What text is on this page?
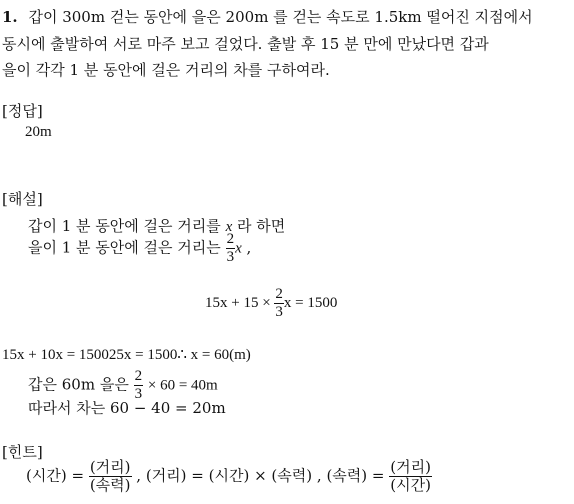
1. 갑이 300m 걷는 동안에 을은 200m 를 걷는 속도로 1.5km 떨어진 지점에서
동시에 출발하여 서로 마주 보고 걸었다. 출발 후 15 분 만에 만났다면 갑과
을이 각각 1 분 동안에 걸은 거리의 차를 구하여라.
[정답]
20m
[해설]
갑이 1 분 동안에 걸은 거리를 x 라 하면
을이 1 분 동안에 걸은 거리는 $\frac{2}{3}$ x ,
$15x + 15 \times \frac{2}{3}$ x = 1500
15x + 10x = 150025x = 1500∴ x = 60(m)
갑은 60m 을은 $\frac{2}{3} \times 60 = 40m$
따라서 차는 60 − 40 = 20m
[힌트]
(시간) = $\frac{\text{(거리)}}{\text{(속력)}}$ , (거리) = (시간) × (속력) , (속력) = $\frac{\text{(거리)}}{\text{(시간)}}$
